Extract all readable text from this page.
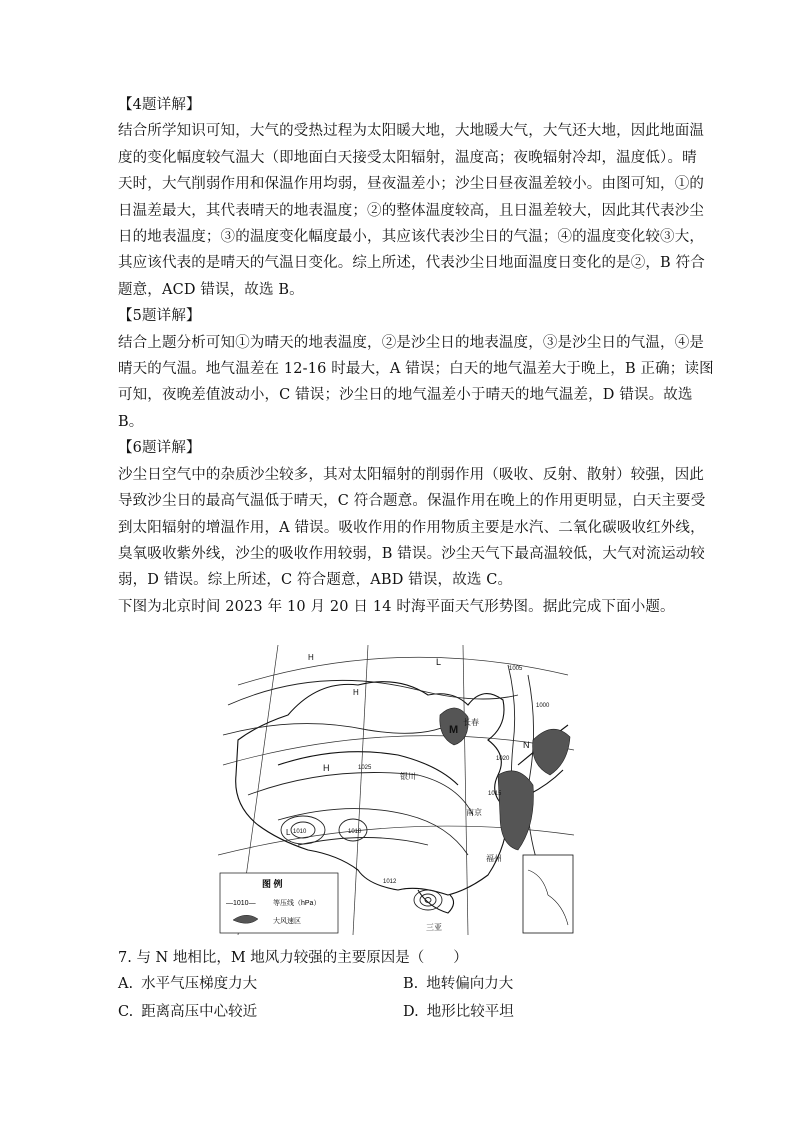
【4题详解】
结合所学知识可知，大气的受热过程为太阳暖大地，大地暖大气，大气还大地，因此地面温
度的变化幅度较气温大（即地面白天接受太阳辐射，温度高；夜晚辐射冷却，温度低）。晴
天时，大气削弱作用和保温作用均弱，昼夜温差小；沙尘日昼夜温差较小。由图可知，①的
日温差最大，其代表晴天的地表温度；②的整体温度较高，且日温差较大，因此其代表沙尘
日的地表温度；③的温度变化幅度最小，其应该代表沙尘日的气温；④的温度变化较③大，
其应该代表的是晴天的气温日变化。综上所述，代表沙尘日地面温度日变化的是②，B 符合
题意，ACD 错误，故选 B。
【5题详解】
结合上题分析可知①为晴天的地表温度，②是沙尘日的地表温度，③是沙尘日的气温，④是
晴天的气温。地气温差在 12-16 时最大，A 错误；白天的地气温差大于晚上，B 正确；读图
可知，夜晚差值波动小，C 错误；沙尘日的地气温差小于晴天的地气温差，D 错误。故选
B。
【6题详解】
沙尘日空气中的杂质沙尘较多，其对太阳辐射的削弱作用（吸收、反射、散射）较强，因此
导致沙尘日的最高气温低于晴天，C 符合题意。保温作用在晚上的作用更明显，白天主要受
到太阳辐射的增温作用，A 错误。吸收作用的作用物质主要是水汽、二氧化碳吸收红外线，
臭氧吸收紫外线，沙尘的吸收作用较弱，B 错误。沙尘天气下最高温较低，大气对流运动较
弱，D 错误。综上所述，C 符合题意，ABD 错误，故选 C。
下图为北京时间 2023 年 10 月 20 日 14 时海平面天气形势图。据此完成下面小题。
H
H
H
L
L
M
N
1025
1010	1010
1015
1005
1020
1012
1000
长春
银川
福州
南京
三亚
图 例
—1010— 等压线（hPa）
大风速区
7. 与 N 地相比，M 地风力较强的主要原因是（　　）
A. 水平气压梯度力大	B. 地转偏向力大
C. 距离高压中心较近	D. 地形比较平坦
